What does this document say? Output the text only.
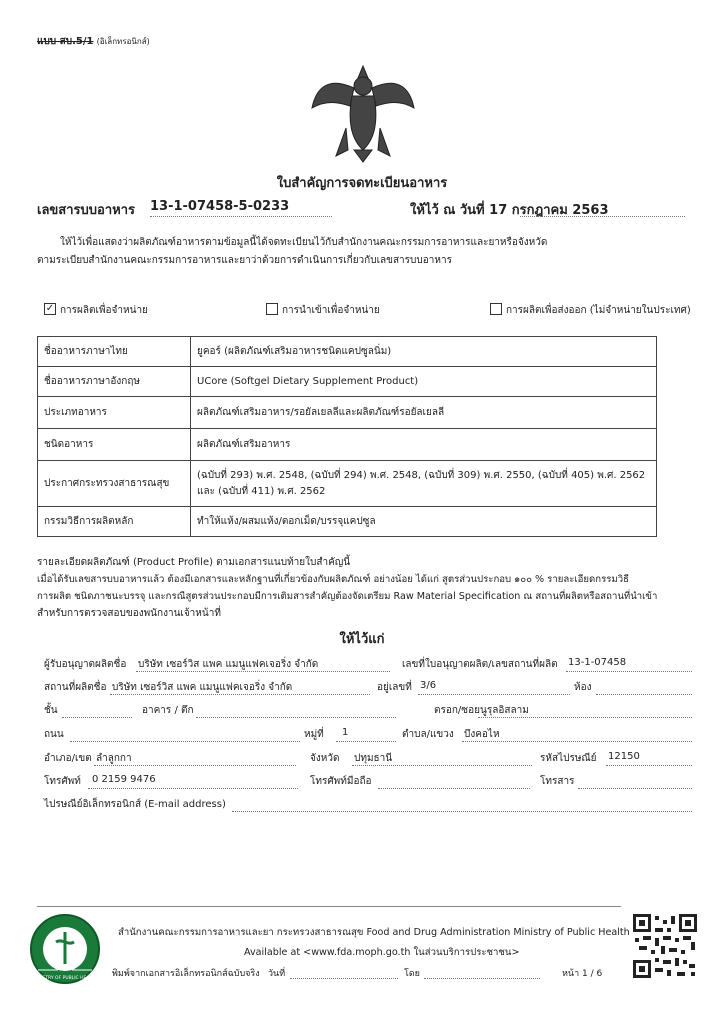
แบบ สบ.5/1 (อิเล็กทรอนิกส์)
ใบสำคัญการจดทะเบียนอาหาร
เลขสารบบอาหาร 13-1-07458-5-0233	ให้ไว้ ณ วันที่ 17 กรกฎาคม 2563
ให้ไว้เพื่อแสดงว่าผลิตภัณฑ์อาหารตามข้อมูลนี้ได้จดทะเบียนไว้กับสำนักงานคณะกรรมการอาหารและยาหรือจังหวัด
ตามระเบียบสำนักงานคณะกรรมการอาหารและยาว่าด้วยการดำเนินการเกี่ยวกับเลขสารบบอาหาร
✓ การผลิตเพื่อจำหน่าย	การนำเข้าเพื่อจำหน่าย	การผลิตเพื่อส่งออก (ไม่จำหน่ายในประเทศ)
ชื่ออาหารภาษาไทย	ยูคอร์ (ผลิตภัณฑ์เสริมอาหารชนิดแคปซูลนิ่ม)
ชื่ออาหารภาษาอังกฤษ	UCore (Softgel Dietary Supplement Product)
ประเภทอาหาร	ผลิตภัณฑ์เสริมอาหาร/รอยัลเยลลีและผลิตภัณฑ์รอยัลเยลลี
ชนิดอาหาร	ผลิตภัณฑ์เสริมอาหาร
ประกาศกระทรวงสาธารณสุข	(ฉบับที่ 293) พ.ศ. 2548, (ฉบับที่ 294) พ.ศ. 2548, (ฉบับที่ 309) พ.ศ. 2550, (ฉบับที่ 405) พ.ศ. 2562 และ (ฉบับที่ 411) พ.ศ. 2562
กรรมวิธีการผลิตหลัก	ทำให้แห้ง/ผสมแห้ง/ตอกเม็ด/บรรจุแคปซูล
รายละเอียดผลิตภัณฑ์ (Product Profile) ตามเอกสารแนบท้ายใบสำคัญนี้
เมื่อได้รับเลขสารบบอาหารแล้ว ต้องมีเอกสารและหลักฐานที่เกี่ยวข้องกับผลิตภัณฑ์ อย่างน้อย ได้แก่ สูตรส่วนประกอบ ๑๐๐ % รายละเอียดกรรมวิธี
การผลิต ชนิดภาชนะบรรจุ และกรณีสูตรส่วนประกอบมีการเติมสารสำคัญต้องจัดเตรียม Raw Material Specification ณ สถานที่ผลิตหรือสถานที่นำเข้า
สำหรับการตรวจสอบของพนักงานเจ้าหน้าที่
ให้ไว้แก่
ผู้รับอนุญาตผลิตชื่อ บริษัท เซอร์วิส แพค แมนูแฟคเจอริ่ง จำกัด	เลขที่ใบอนุญาตผลิต/เลขสถานที่ผลิต 13-1-07458
สถานที่ผลิตชื่อ บริษัท เซอร์วิส แพค แมนูแฟคเจอริ่ง จำกัด	อยู่เลขที่ 3/6	ห้อง
ชั้น	อาคาร / ตึก	ตรอก/ซอย นูรุลอิสลาม
ถนน	หมู่ที่ 1	ตำบล/แขวง บึงคอไห
อำเภอ/เขต ลำลูกกา	จังหวัด ปทุมธานี	รหัสไปรษณีย์ 12150
โทรศัพท์ 0 2159 9476	โทรศัพท์มือถือ	โทรสาร
ไปรษณีย์อิเล็กทรอนิกส์ (E-mail address)
MINISTRY OF PUBLIC HEALTH
สำนักงานคณะกรรมการอาหารและยา กระทรวงสาธารณสุข Food and Drug Administration Ministry of Public Health
Available at <www.fda.moph.go.th ในส่วนบริการประชาชน>
พิมพ์จากเอกสารอิเล็กทรอนิกส์ฉบับจริง วันที่	โดย	หน้า 1 / 6
